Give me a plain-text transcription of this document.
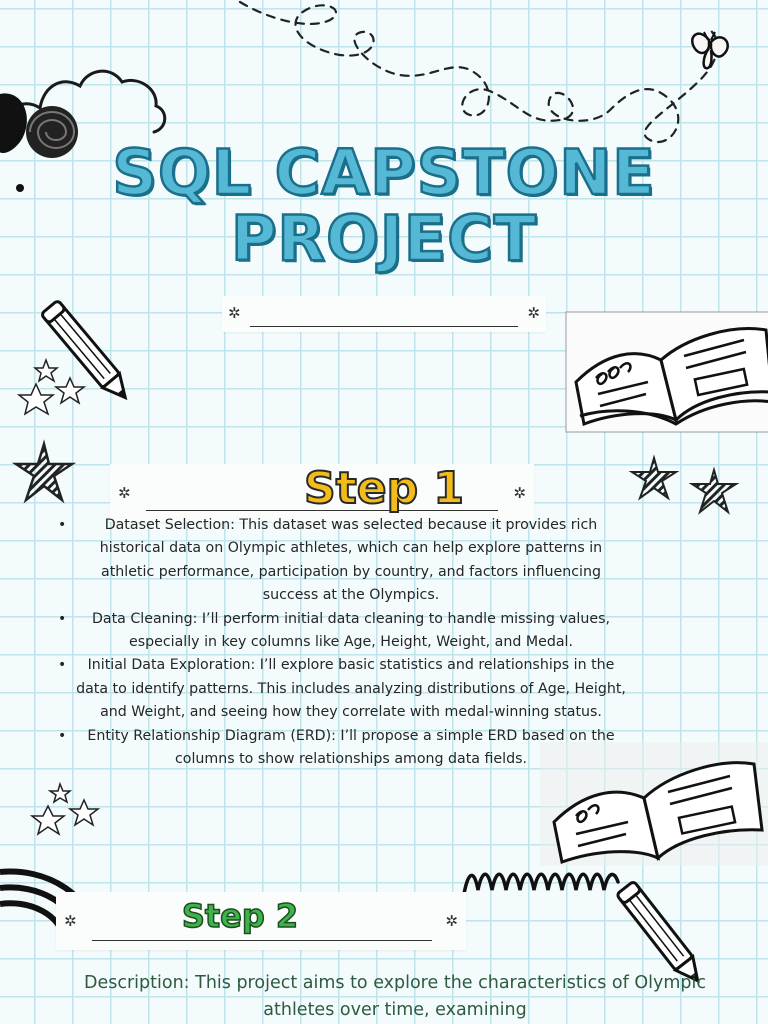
SQL CAPSTONE
PROJECT
✲	✲
✲	✲
Step 1
• Dataset Selection: This dataset was selected because it provides rich historical data on Olympic athletes, which can help explore patterns in athletic performance, participation by country, and factors influencing success at the Olympics.
• Data Cleaning: I’ll perform initial data cleaning to handle missing values, especially in key columns like Age, Height, Weight, and Medal.
• Initial Data Exploration: I’ll explore basic statistics and relationships in the data to identify patterns. This includes analyzing distributions of Age, Height, and Weight, and seeing how they correlate with medal-winning status.
• Entity Relationship Diagram (ERD): I’ll propose a simple ERD based on the columns to show relationships among data fields.
✲	✲
Step 2
Description: This project aims to explore the characteristics of Olympic athletes over time, examining
